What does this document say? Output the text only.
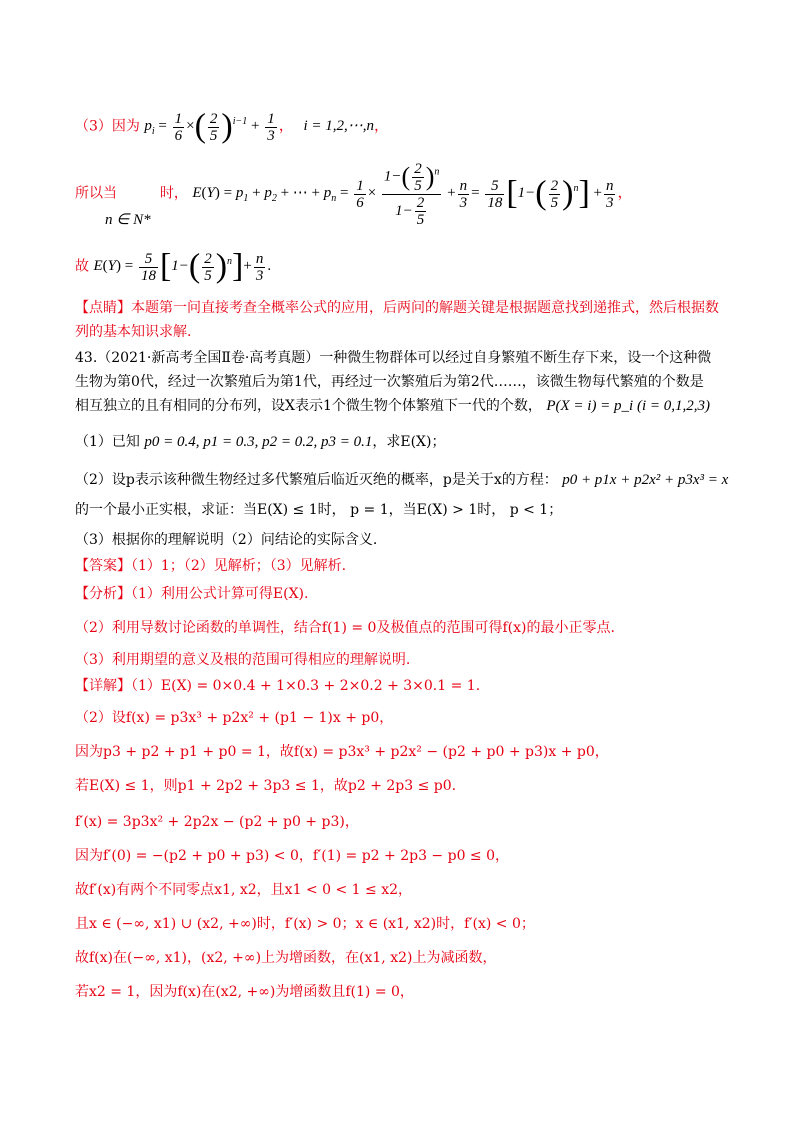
（3）因为 $p_i = \frac{1}{6}$ ×( $\frac{2}{5} )^{i-1} + \frac{1}{3}$ ， i = 1,2,⋯,n，
所以当	时， $E(Y) = p_1 + p_2$ + ⋯ + $p_n = \frac{1}{6} \times \frac{1-( \frac{2}{5} )^n}{1- \frac{2}{5}} + \frac{n}{3} = \frac{5}{18} [1-( \frac{2}{5} )^n] + \frac{n}{3}$ ，
n ∈ N*
故 $E(Y) = \frac{5}{18} [1-( \frac{2}{5} )^n]+ \frac{n}{3}$ .
【点睛】本题第一问直接考查全概率公式的应用，后两问的解题关键是根据题意找到递推式，然后根据数列的基本知识求解.
43.（2021·新高考全国Ⅱ卷·高考真题）一种微生物群体可以经过自身繁殖不断生存下来，设一个这种微
生物为第0代，经过一次繁殖后为第1代，再经过一次繁殖后为第2代……，该微生物每代繁殖的个数是
相互独立的且有相同的分布列，设X表示1个微生物个体繁殖下一代的个数， P(X = i) = p_i (i = 0,1,2,3)
（1）已知 p0 = 0.4, p1 = 0.3, p2 = 0.2, p3 = 0.1，求E(X)；
（2）设p表示该种微生物经过多代繁殖后临近灭绝的概率，p是关于x的方程： p0 + p1x + p2x² + p3x³ = x
的一个最小正实根，求证：当E(X) ≤ 1时， p = 1，当E(X) > 1时， p < 1；
（3）根据你的理解说明（2）问结论的实际含义.
【答案】（1）1；（2）见解析；（3）见解析.
【分析】（1）利用公式计算可得E(X).
（2）利用导数讨论函数的单调性，结合f(1) = 0及极值点的范围可得f(x)的最小正零点.
（3）利用期望的意义及根的范围可得相应的理解说明.
【详解】（1）E(X) = 0×0.4 + 1×0.3 + 2×0.2 + 3×0.1 = 1.
（2）设f(x) = p3x³ + p2x² + (p1 − 1)x + p0，
因为p3 + p2 + p1 + p0 = 1，故f(x) = p3x³ + p2x² − (p2 + p0 + p3)x + p0，
若E(X) ≤ 1，则p1 + 2p2 + 3p3 ≤ 1，故p2 + 2p3 ≤ p0.
f′(x) = 3p3x² + 2p2x − (p2 + p0 + p3)，
因为f′(0) = −(p2 + p0 + p3) < 0，f′(1) = p2 + 2p3 − p0 ≤ 0，
故f′(x)有两个不同零点x1, x2，且x1 < 0 < 1 ≤ x2，
且x ∈ (−∞, x1) ∪ (x2, +∞)时，f′(x) > 0；x ∈ (x1, x2)时，f′(x) < 0；
故f(x)在(−∞, x1)，(x2, +∞)上为增函数，在(x1, x2)上为减函数，
若x2 = 1，因为f(x)在(x2, +∞)为增函数且f(1) = 0，
